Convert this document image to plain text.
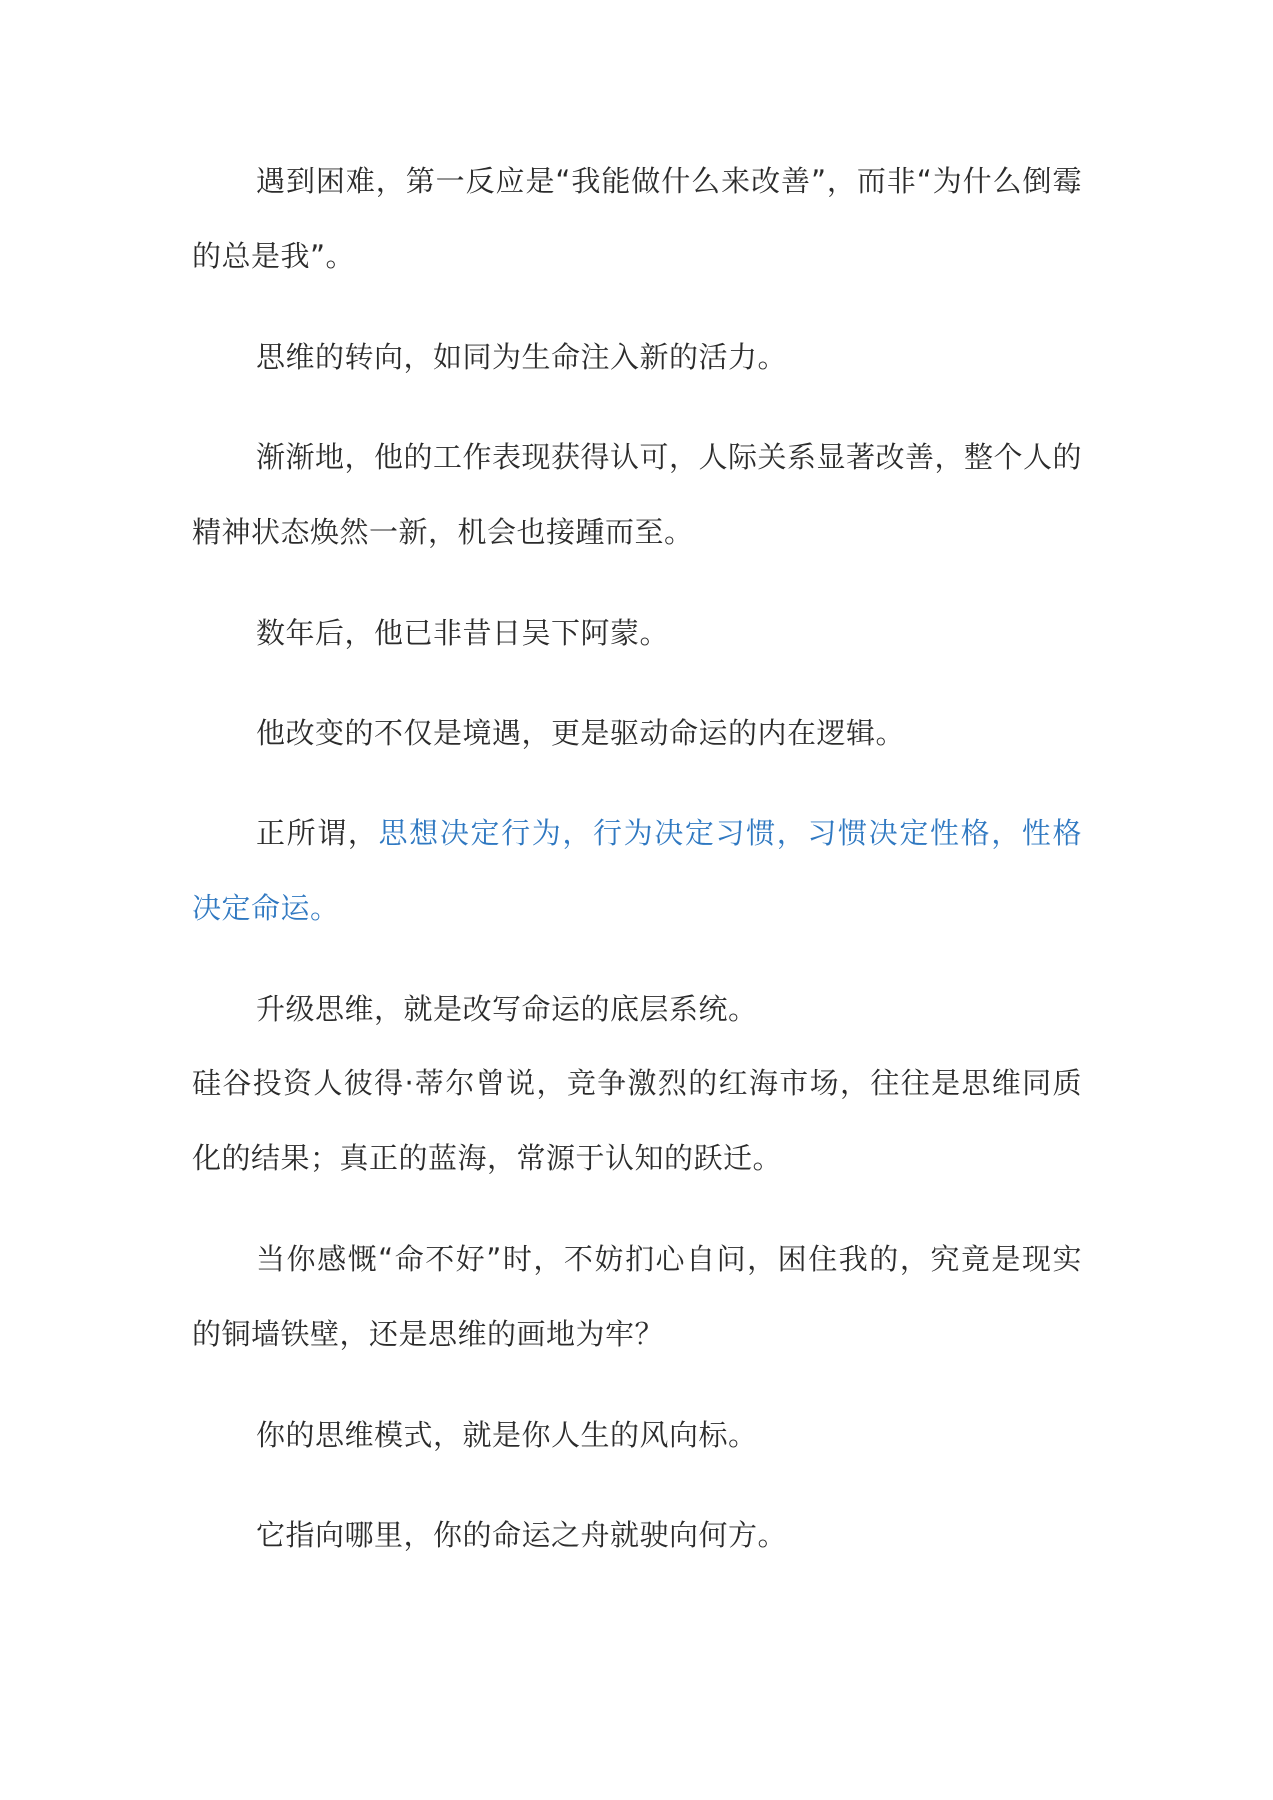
遇到困难，第一反应是“我能做什么来改善”，而非“为什么倒霉的总是我”。

思维的转向，如同为生命注入新的活力。

渐渐地，他的工作表现获得认可，人际关系显著改善，整个人的精神状态焕然一新，机会也接踵而至。

数年后，他已非昔日吴下阿蒙。

他改变的不仅是境遇，更是驱动命运的内在逻辑。

正所谓，思想决定行为，行为决定习惯，习惯决定性格，性格决定命运。

升级思维，就是改写命运的底层系统。

硅谷投资人彼得·蒂尔曾说，竞争激烈的红海市场，往往是思维同质化的结果；真正的蓝海，常源于认知的跃迁。

当你感慨“命不好”时，不妨扪心自问，困住我的，究竟是现实的铜墙铁壁，还是思维的画地为牢？

你的思维模式，就是你人生的风向标。

它指向哪里，你的命运之舟就驶向何方。
